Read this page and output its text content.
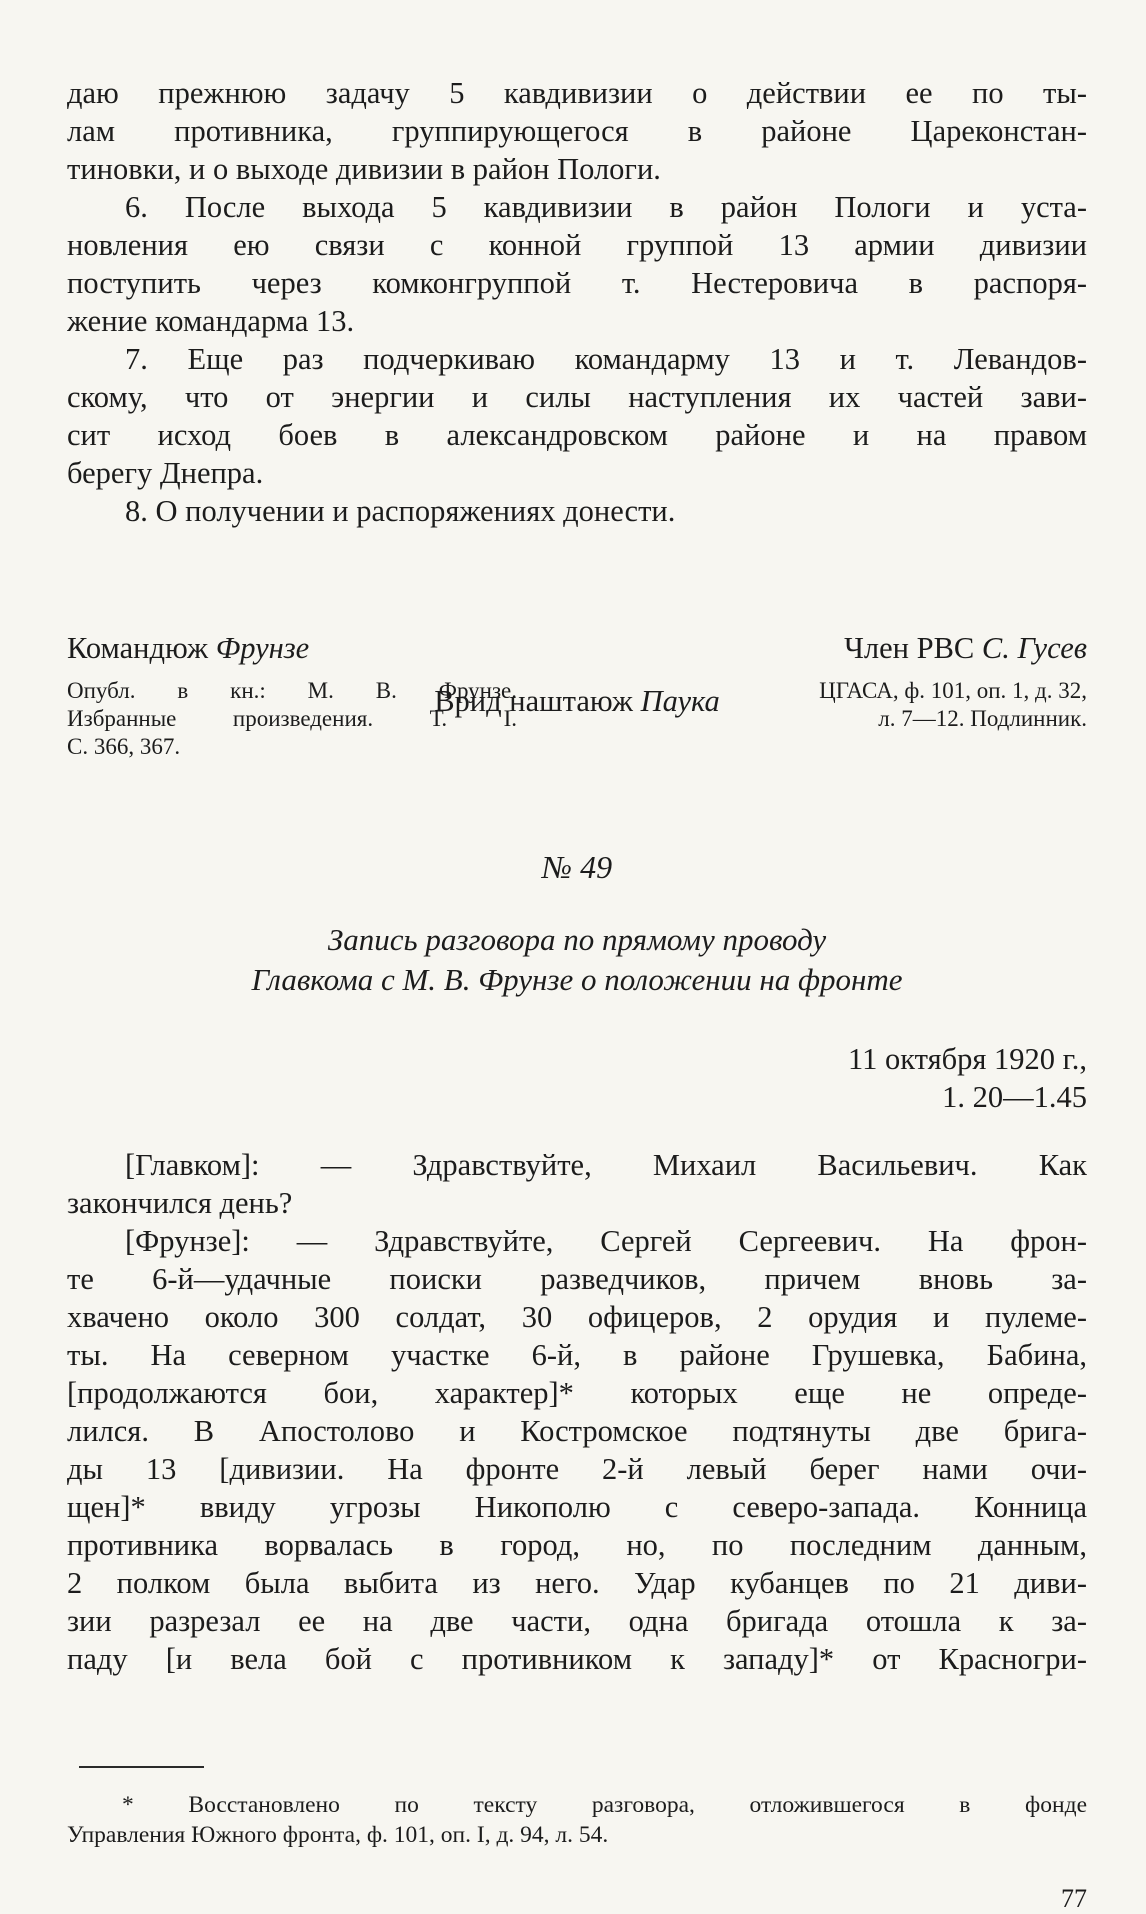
даю прежнюю задачу 5 кавдивизии о действии ее по ты-
лам противника, группирующегося в районе Цареконстан-
тиновки, и о выходе дивизии в район Пологи.
6. После выхода 5 кавдивизии в район Пологи и уста-
новления ею связи с конной группой 13 армии дивизии
поступить через комконгруппой т. Нестеровича в распоря-
жение командарма 13.
7. Еще раз подчеркиваю командарму 13 и т. Левандов-
скому, что от энергии и силы наступления их частей зави-
сит исход боев в александровском районе и на правом
берегу Днепра.
8. О получении и распоряжениях донести.
Командюж Фрунзе	Член РВС С. Гусев
Врид наштаюж Паука
Опубл. в кн.: М. В. Фрунзе.
Избранные произведения. Т. I.
С. 366, 367.
ЦГАСА, ф. 101, оп. 1, д. 32,
л. 7—12. Подлинник.
№ 49
Запись разговора по прямому проводу
Главкома с М. В. Фрунзе о положении на фронте
11 октября 1920 г.,
1. 20—1.45
[Главком]: — Здравствуйте, Михаил Васильевич. Как
закончился день?
[Фрунзе]: — Здравствуйте, Сергей Сергеевич. На фрон-
те 6-й—удачные поиски разведчиков, причем вновь за-
хвачено около 300 солдат, 30 офицеров, 2 орудия и пулеме-
ты. На северном участке 6-й, в районе Грушевка, Бабина,
[продолжаются бои, характер]* которых еще не опреде-
лился. В Апостолово и Костромское подтянуты две брига-
ды 13 [дивизии. На фронте 2-й левый берег нами очи-
щен]* ввиду угрозы Никополю с северо-запада. Конница
противника ворвалась в город, но, по последним данным,
2 полком была выбита из него. Удар кубанцев по 21 диви-
зии разрезал ее на две части, одна бригада отошла к за-
паду [и вела бой с противником к западу]* от Красногри-
* Восстановлено по тексту разговора, отложившегося в фонде
Управления Южного фронта, ф. 101, оп. I, д. 94, л. 54.
77
